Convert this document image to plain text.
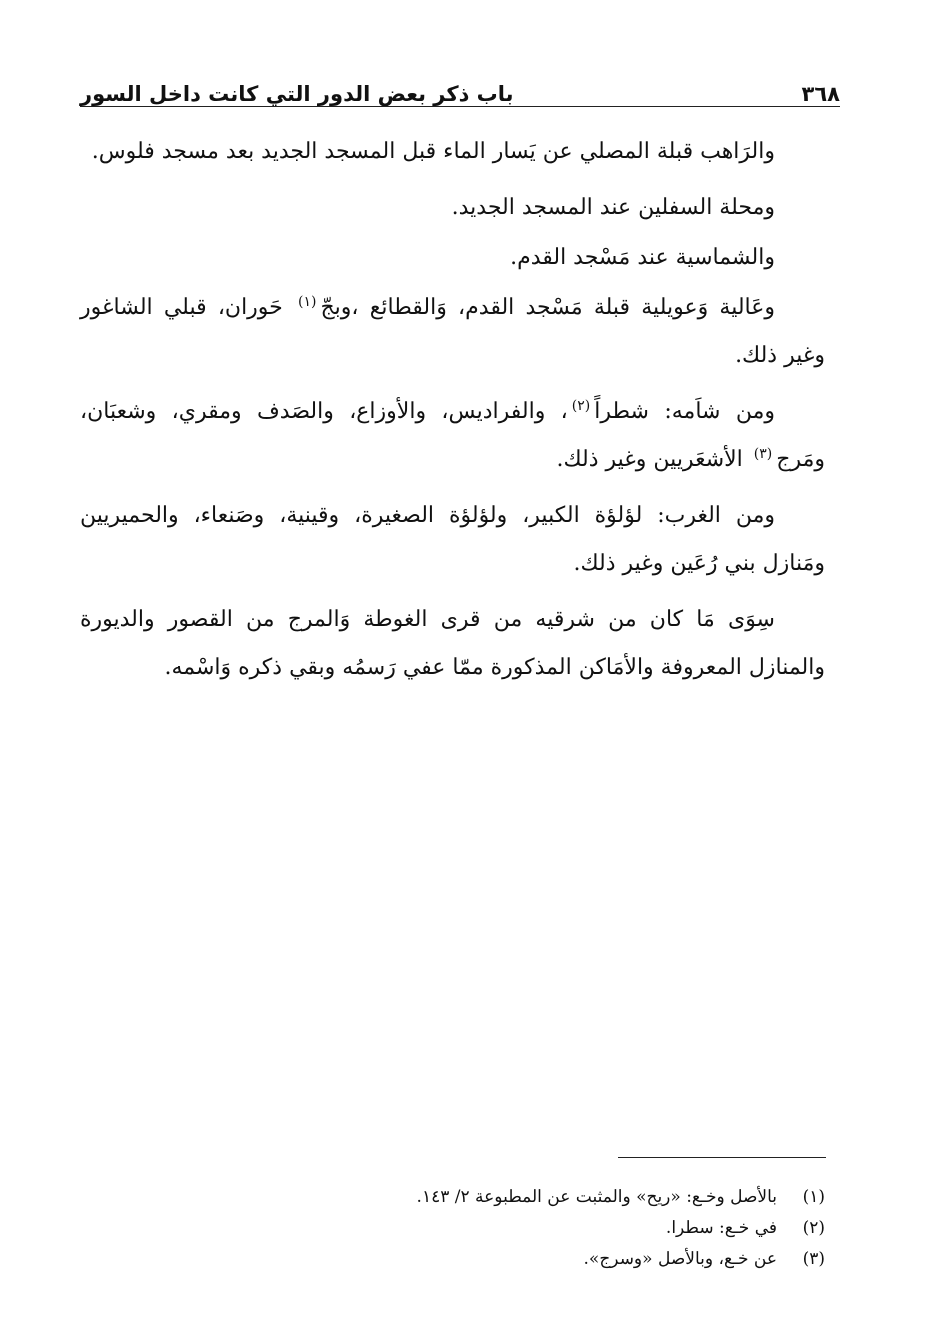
٣٦٨
باب ذكر بعض الدور التي كانت داخل السور

والرَاهب قبلة المصلي عن يَسار الماء قبل المسجد الجديد بعد مسجد فلوس.

ومحلة السفلين عند المسجد الجديد.

والشماسية عند مَسْجد القدم.

وعَالية وَعويلية قبلة مَسْجد القدم، وَالقطائع ،وبجّ$^{(١)}$ حَوران، قبلي الشاغور وغير ذلك.

ومن شاَمه: شطراً$^{(٢)}$، والفراديس، والأوزاع، والصَدف ومقري، وشعبَان، ومَرج$^{(٣)}$ الأشعَريين وغير ذلك.

ومن الغرب: لؤلؤة الكبير، ولؤلؤة الصغيرة، وقينية، وصَنعاء، والحميريين ومَنازل بني رُعَين وغير ذلك.

سِوَى مَا كان من شرقيه من قرى الغوطة وَالمرج من القصور والديورة والمنازل المعروفة والأمَاكن المذكورة ممّا عفي رَسمُه وبقي ذكره وَاسْمه.

(١)
بالأصل وخـع: «ريح» والمثبت عن المطبوعة ٢/ ١٤٣.
(٢)
في خـع: سطرا.
(٣)
عن خـع، وبالأصل «وسرج».
